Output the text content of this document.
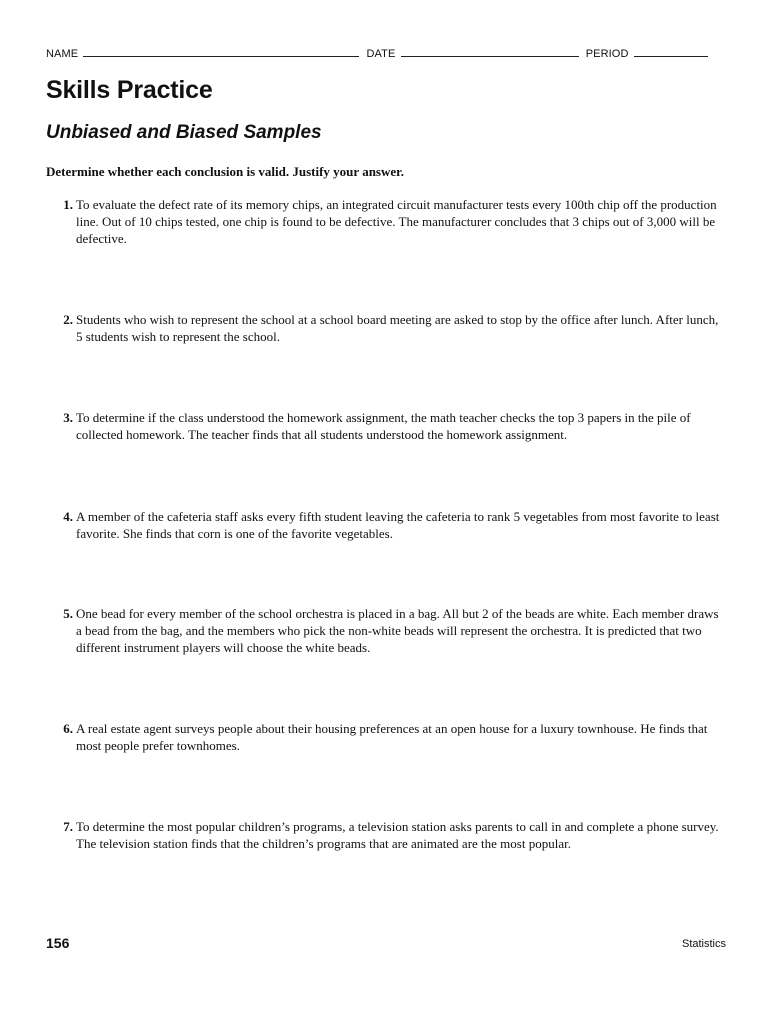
NAME	DATE	PERIOD
Skills Practice
Unbiased and Biased Samples

Determine whether each conclusion is valid. Justify your answer.

1. To evaluate the defect rate of its memory chips, an integrated circuit manufacturer tests every 100th chip off the production line. Out of 10 chips tested, one chip is found to be defective. The manufacturer concludes that 3 chips out of 3,000 will be defective.
2. Students who wish to represent the school at a school board meeting are asked to stop by the office after lunch. After lunch, 5 students wish to represent the school.
3. To determine if the class understood the homework assignment, the math teacher checks the top 3 papers in the pile of collected homework. The teacher finds that all students understood the homework assignment.
4. A member of the cafeteria staff asks every fifth student leaving the cafeteria to rank 5 vegetables from most favorite to least favorite. She finds that corn is one of the favorite vegetables.
5. One bead for every member of the school orchestra is placed in a bag. All but 2 of the beads are white. Each member draws a bead from the bag, and the members who pick the non-white beads will represent the orchestra. It is predicted that two different instrument players will choose the white beads.
6. A real estate agent surveys people about their housing preferences at an open house for a luxury townhouse. He finds that most people prefer townhomes.
7. To determine the most popular children’s programs, a television station asks parents to call in and complete a phone survey. The television station finds that the children’s programs that are animated are the most popular.
156	Statistics
